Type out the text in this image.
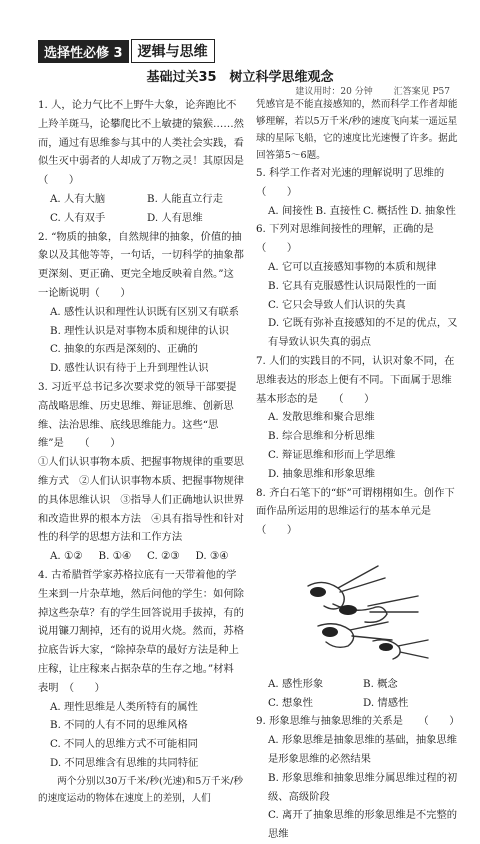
选择性必修 3	逻辑与思维
基础过关35　树立科学思维观念
建议用时：20 分钟 汇答案见 P57
1. 人，论力气比不上野牛大象，论奔跑比不上羚羊斑马，论攀爬比不上敏捷的猿猴……然而，通过有思维参与其中的人类社会实践，看似生灭中弱者的人却成了万物之灵！其原因是　（　　）
A. 人有大脑	B. 人能直立行走
C. 人有双手	D. 人有思维
2. “物质的抽象，自然规律的抽象，价值的抽象以及其他等等，一句话，一切科学的抽象都更深刻、更正确、更完全地反映着自然。”这一论断说明（　　）
A. 感性认识和理性认识既有区别又有联系
B. 理性认识是对事物本质和规律的认识
C. 抽象的东西是深刻的、正确的
D. 感性认识有待于上升到理性认识
3. 习近平总书记多次要求党的领导干部要提高战略思维、历史思维、辩证思维、创新思维、法治思维、底线思维能力。这些“思维”是　　（　　）
①人们认识事物本质、把握事物规律的重要思维方式　②人们认识事物本质、把握事物规律的具体思维认识　③指导人们正确地认识世界和改造世界的根本方法　④具有指导性和针对性的科学的思想方法和工作方法
A. ①②	B. ①④	C. ②③	D. ③④
4. 古希腊哲学家苏格拉底有一天带着他的学生来到一片杂草地，然后问他的学生：如何除掉这些杂草？有的学生回答说用手拔掉，有的说用镰刀割掉，还有的说用火烧。然而，苏格拉底告诉大家，“除掉杂草的最好方法是种上庄稼，让庄稼来占据杂草的生存之地。”材料表明　（　　）
A. 理性思维是人类所特有的属性
B. 不同的人有不同的思维风格
C. 不同人的思维方式不可能相同
D. 不同思维含有思维的共同特征
两个分别以30万千米/秒(光速)和5万千米/秒的速度运动的物体在速度上的差别，人们
凭感官是不能直接感知的，然而科学工作者却能够理解，若以5万千米/秒的速度飞向某一遥远星球的星际飞船，它的速度比光速慢了许多。据此回答第5～6题。
5. 科学工作者对光速的理解说明了思维的（　　）
A. 间接性 B. 直接性 C. 概括性 D. 抽象性
6. 下列对思维间接性的理解，正确的是　　（　　）
A. 它可以直接感知事物的本质和规律
B. 它具有克服感性认识局限性的一面
C. 它只会导致人们认识的失真
D. 它既有弥补直接感知的不足的优点，又有导致认识失真的弱点
7. 人们的实践目的不同，认识对象不同，在思维表达的形态上便有不同。下面属于思维基本形态的是　　（　　）
A. 发散思维和聚合思维
B. 综合思维和分析思维
C. 辩证思维和形而上学思维
D. 抽象思维和形象思维
8. 齐白石笔下的“虾”可谓栩栩如生。创作下面作品所运用的思维运行的基本单元是　　（　　）
A. 感性形象	B. 概念
C. 想象性	D. 情感性
9. 形象思维与抽象思维的关系是　　（　　）
A. 形象思维是抽象思维的基础，抽象思维是形象思维的必然结果
B. 形象思维和抽象思维分属思维过程的初级、高级阶段
C. 离开了抽象思维的形象思维是不完整的思维
